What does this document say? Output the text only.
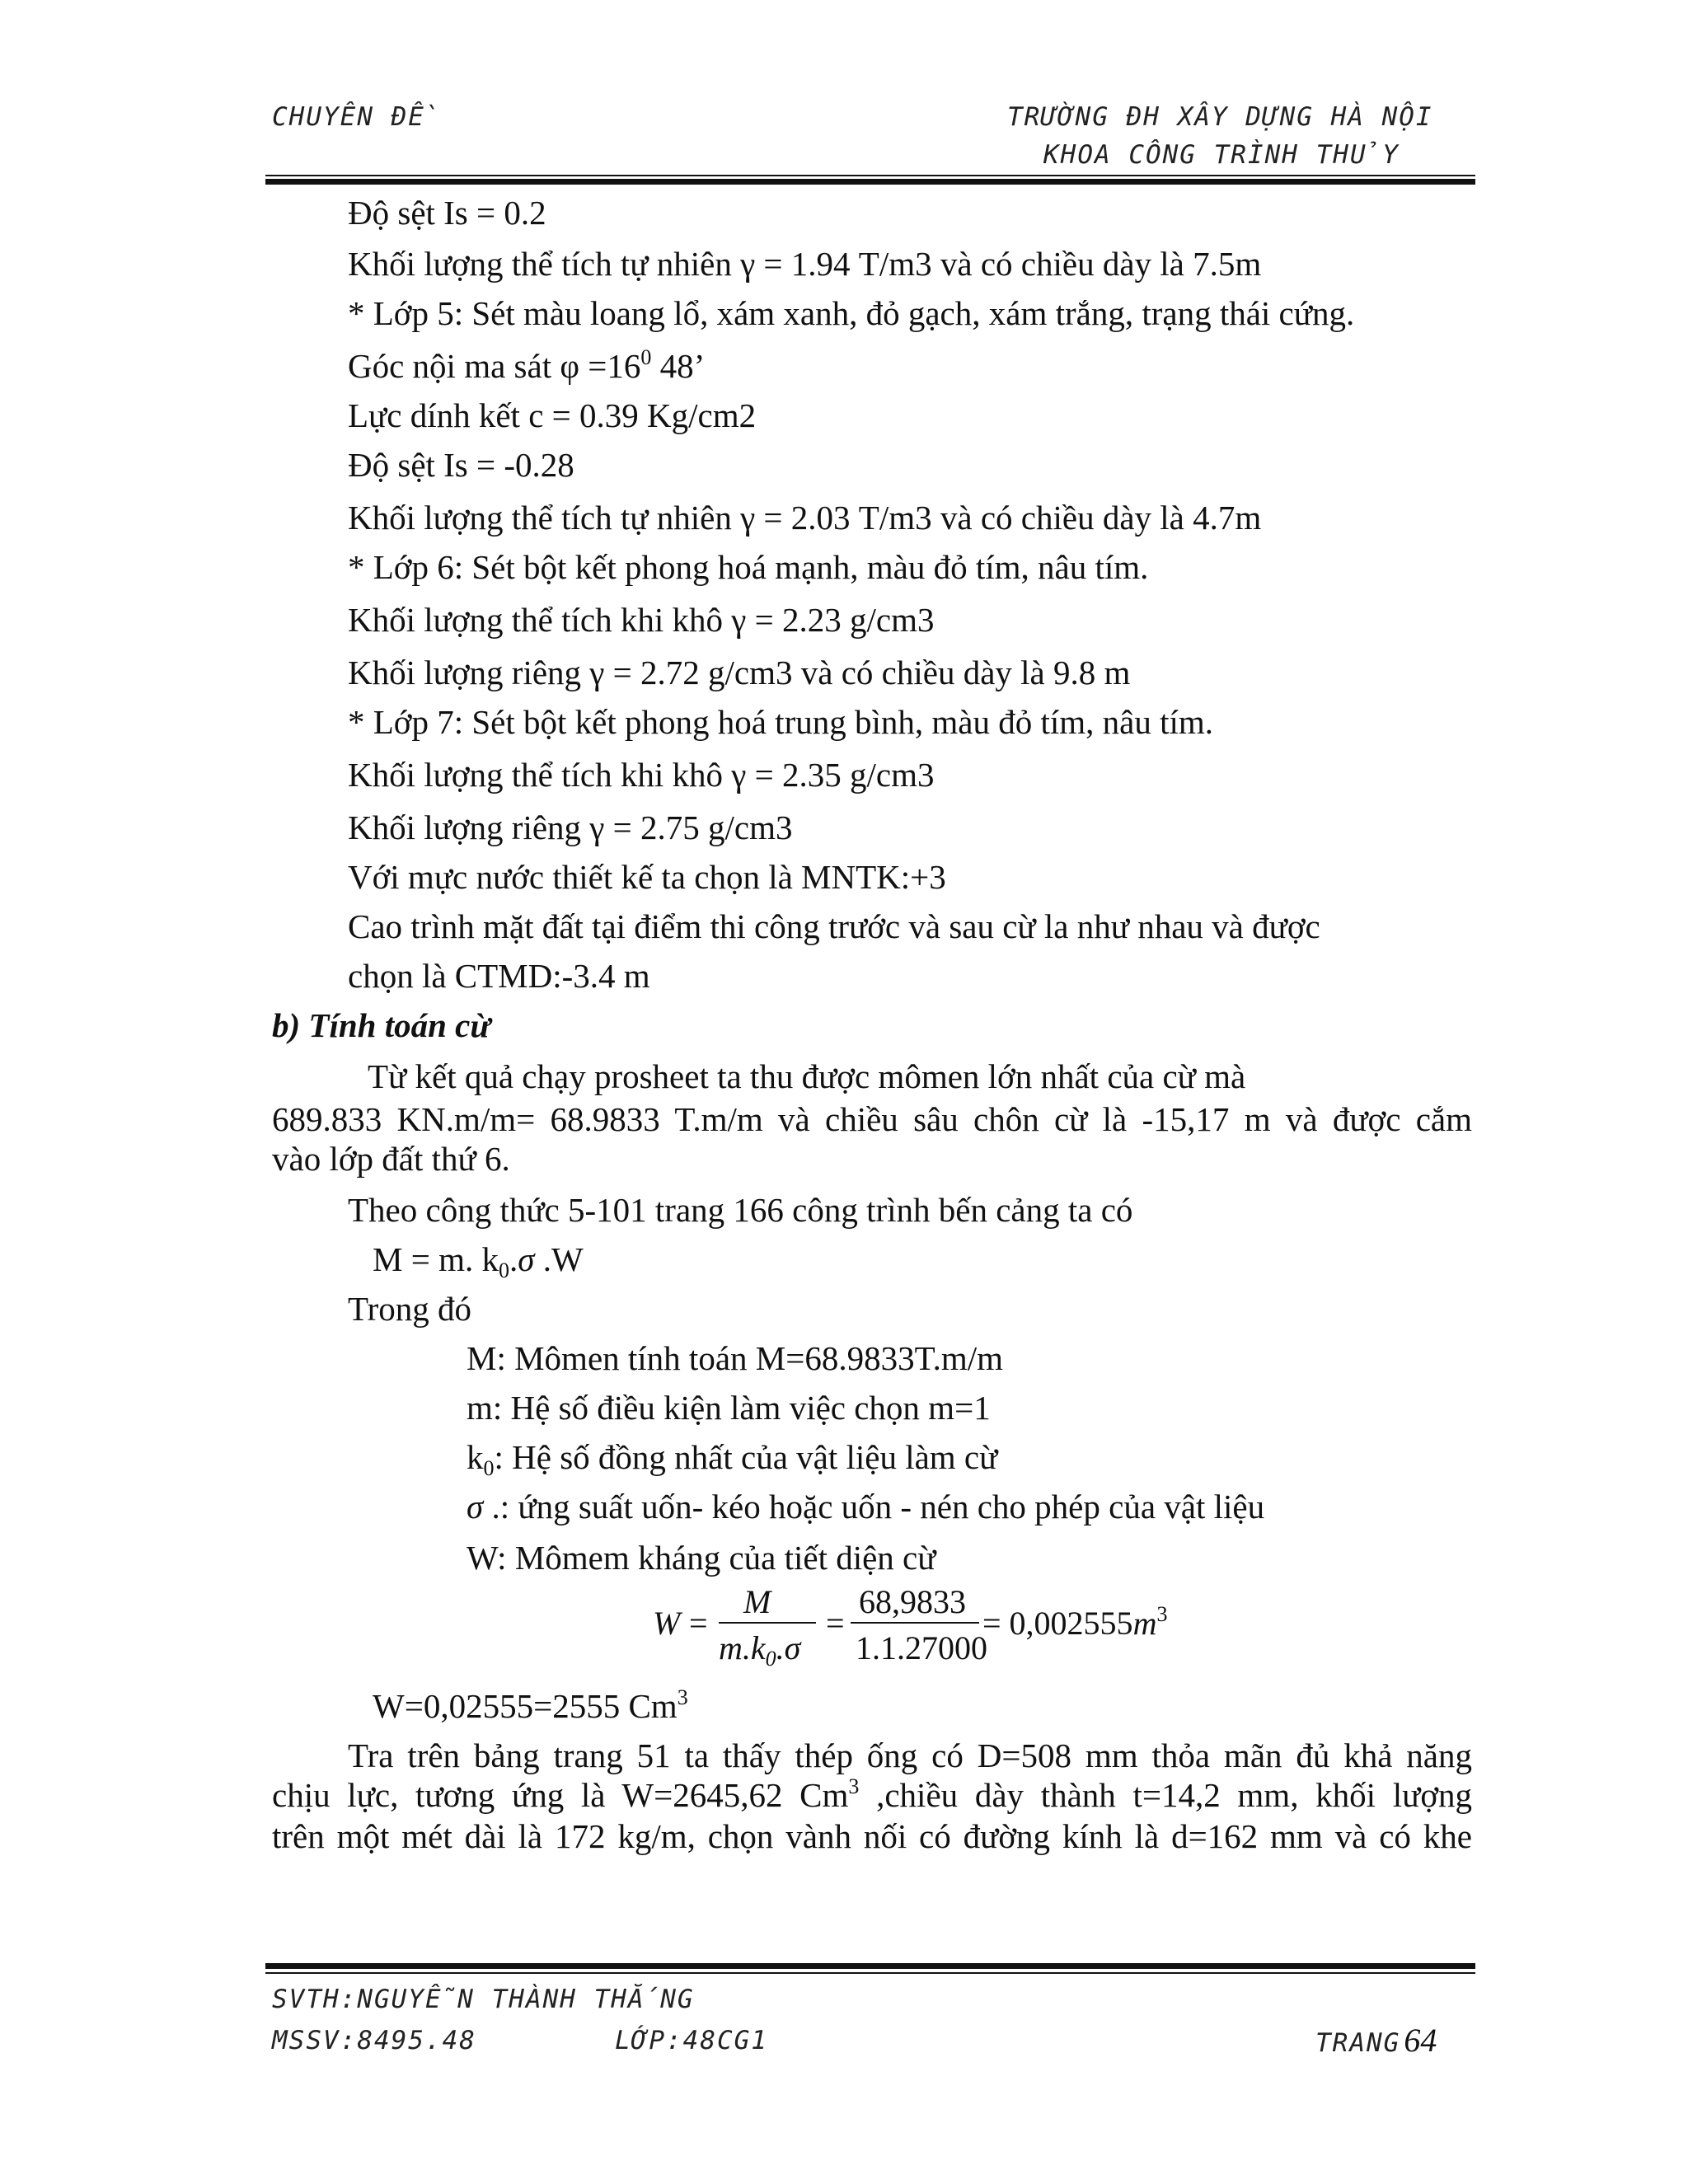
CHUYÊN ĐỀ	TRƯỜNG ĐH XÂY DỰNG HÀ NỘI
KHOA CÔNG TRÌNH THỦY
Độ sệt Is = 0.2
Khối lượng thể tích tự nhiên γ = 1.94 T/m3 và có chiều dày là 7.5m
* Lớp 5: Sét màu loang lổ, xám xanh, đỏ gạch, xám trắng, trạng thái cứng.
Góc nội ma sát $\varphi =16^0$ 48’
Lực dính kết c = 0.39 Kg/cm2
Độ sệt Is = -0.28
Khối lượng thể tích tự nhiên γ = 2.03 T/m3 và có chiều dày là 4.7m
* Lớp 6: Sét bột kết phong hoá mạnh, màu đỏ tím, nâu tím.
Khối lượng thể tích khi khô γ = 2.23 g/cm3
Khối lượng riêng γ = 2.72 g/cm3 và có chiều dày là 9.8 m
* Lớp 7: Sét bột kết phong hoá trung bình, màu đỏ tím, nâu tím.
Khối lượng thể tích khi khô γ = 2.35 g/cm3
Khối lượng riêng γ = 2.75 g/cm3
Với mực nước thiết kế ta chọn là MNTK:+3
Cao trình mặt đất tại điểm thi công trước và sau cừ la như nhau và được
chọn là CTMD:-3.4 m
b) Tính toán cừ
Từ kết quả chạy prosheet ta thu được mômen lớn nhất của cừ mà
689.833 KN.m/m= 68.9833 T.m/m và chiều sâu chôn cừ là -15,17 m và được cắm
vào lớp đất thứ 6.
Theo công thức 5-101 trang 166 công trình bến cảng ta có
M = m. $k_0.\sigma$ .W
Trong đó
M: Mômen tính toán M=68.9833T.m/m
m: Hệ số điều kiện làm việc chọn m=1
$k_0$: Hệ số đồng nhất của vật liệu làm cừ
σ .: ứng suất uốn- kéo hoặc uốn - nén cho phép của vật liệu
W: Mômem kháng của tiết diện cừ
W =
M
$m.k_0.\sigma$
=
68,9833
1.1.27000
= $0,002555m^3$
W=0,02555=2555 Cm$^3$
Tra trên bảng trang 51 ta thấy thép ống có D=508 mm thỏa mãn đủ khả năng
chịu lực, tương ứng là W=2645,62 Cm$^3$ ,chiều dày thành t=14,2 mm, khối lượng
trên một mét dài là 172 kg/m, chọn vành nối có đường kính là d=162 mm và có khe
SVTH:NGUYỄN THÀNH THẮNG
MSSV:8495.48	LỚP:48CG1	TRANG 64
